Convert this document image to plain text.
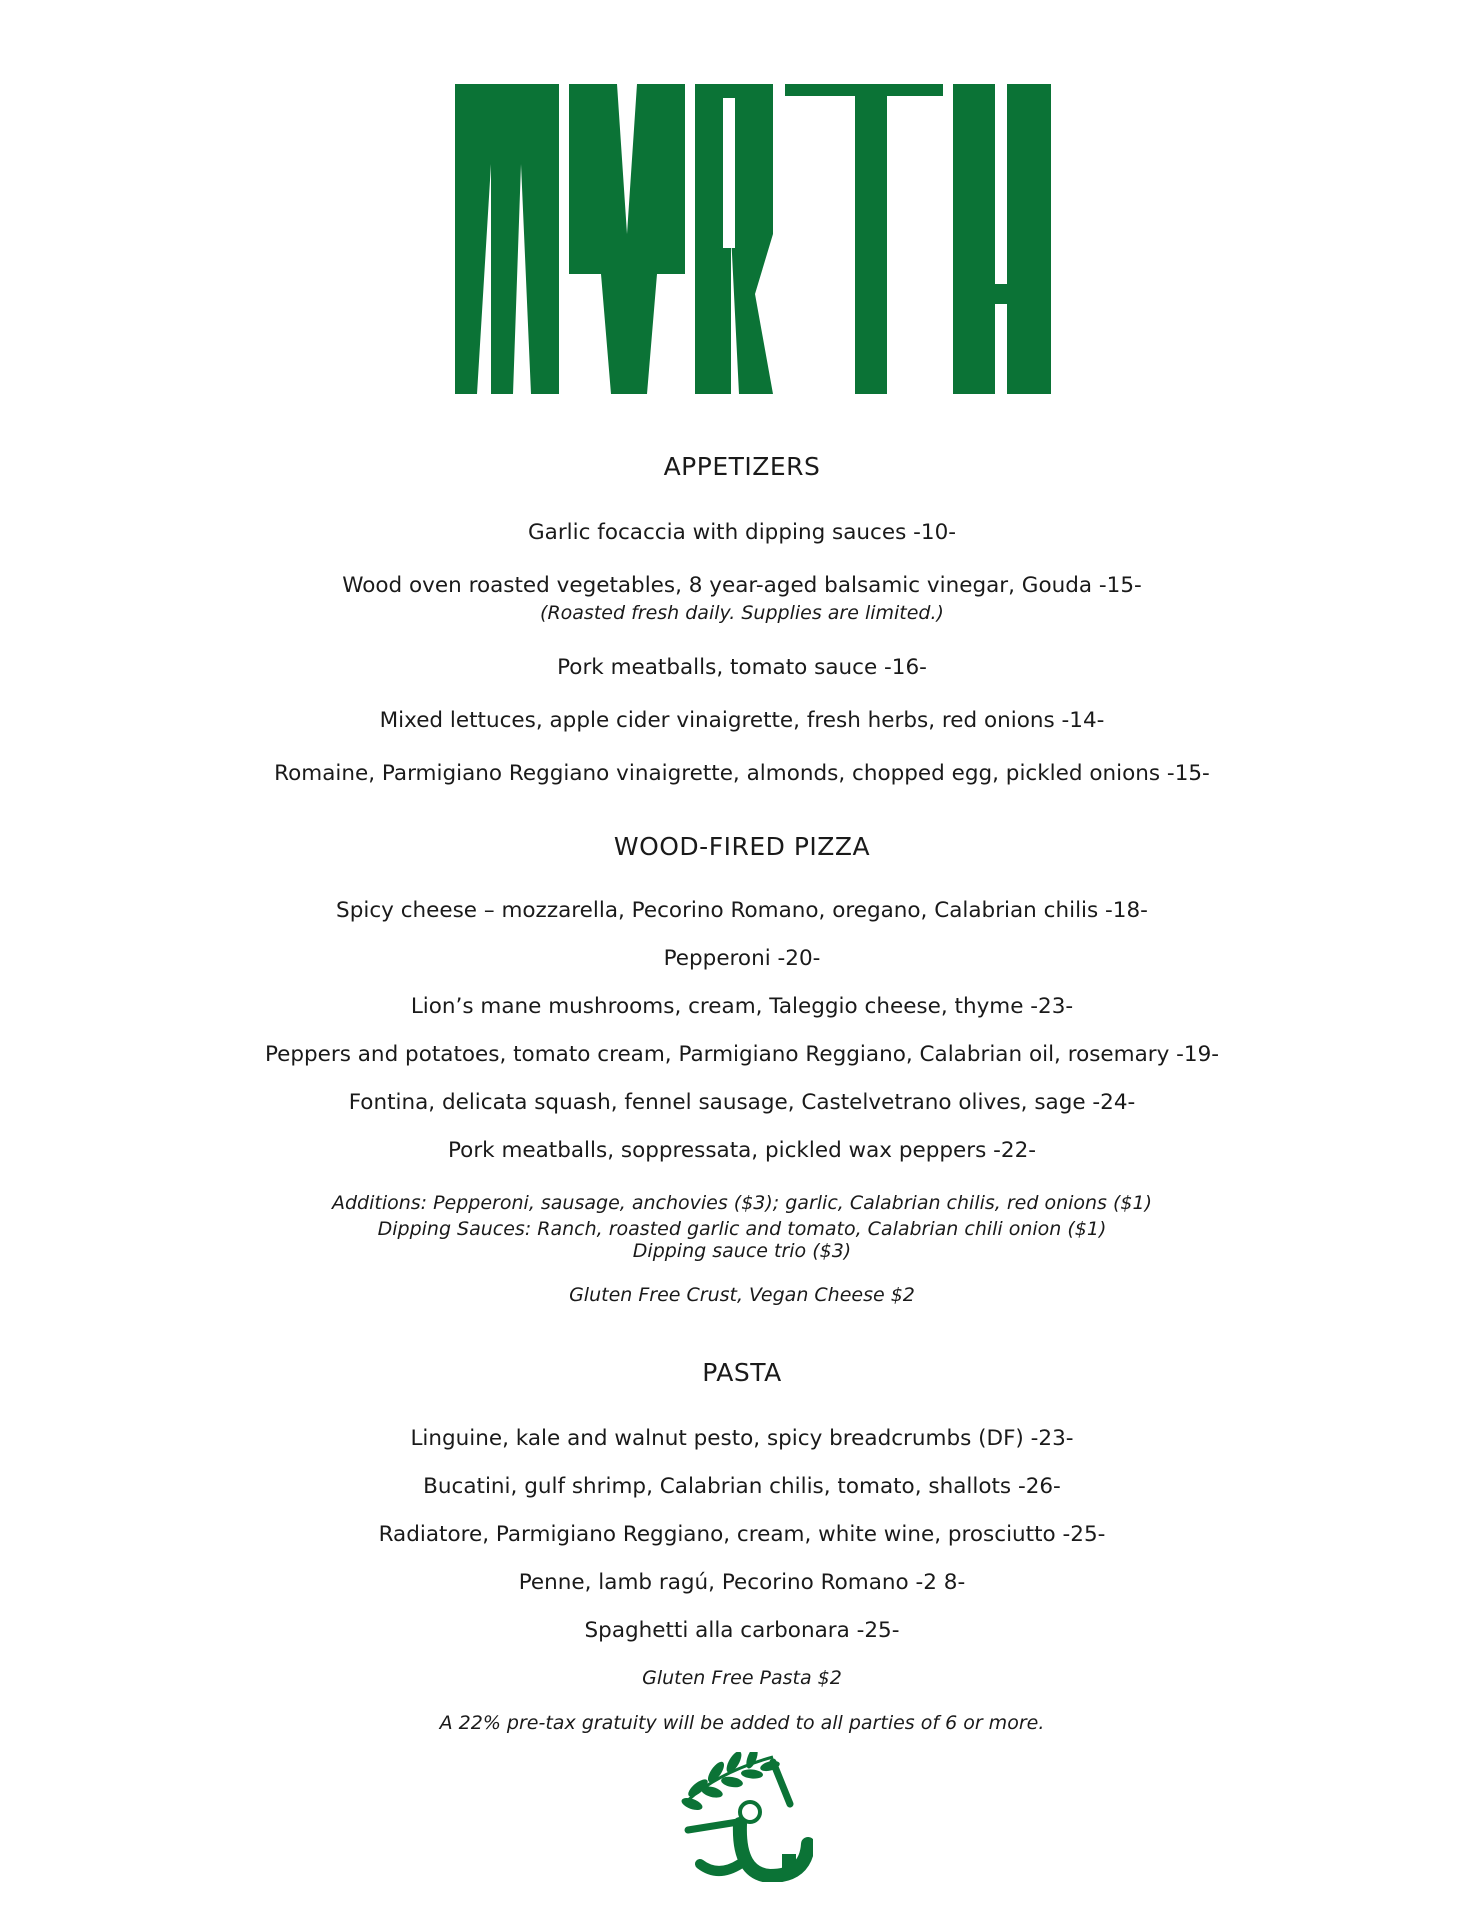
APPETIZERS
Garlic focaccia with dipping sauces -10-
Wood oven roasted vegetables, 8 year-aged balsamic vinegar, Gouda -15-
(Roasted fresh daily. Supplies are limited.)
Pork meatballs, tomato sauce -16-
Mixed lettuces, apple cider vinaigrette, fresh herbs, red onions -14-
Romaine, Parmigiano Reggiano vinaigrette, almonds, chopped egg, pickled onions -15-
WOOD-FIRED PIZZA
Spicy cheese – mozzarella, Pecorino Romano, oregano, Calabrian chilis -18-
Pepperoni -20-
Lion’s mane mushrooms, cream, Taleggio cheese, thyme -23-
Peppers and potatoes, tomato cream, Parmigiano Reggiano, Calabrian oil, rosemary -19-
Fontina, delicata squash, fennel sausage, Castelvetrano olives, sage -24-
Pork meatballs, soppressata, pickled wax peppers -22-
Additions: Pepperoni, sausage, anchovies ($3); garlic, Calabrian chilis, red onions ($1)
Dipping Sauces: Ranch, roasted garlic and tomato, Calabrian chili onion ($1)
Dipping sauce trio ($3)
Gluten Free Crust, Vegan Cheese $2
PASTA
Linguine, kale and walnut pesto, spicy breadcrumbs (DF) -23-
Bucatini, gulf shrimp, Calabrian chilis, tomato, shallots -26-
Radiatore, Parmigiano Reggiano, cream, white wine, prosciutto -25-
Penne, lamb ragú, Pecorino Romano -2 8-
Spaghetti alla carbonara -25-
Gluten Free Pasta $2
A 22% pre-tax gratuity will be added to all parties of 6 or more.
